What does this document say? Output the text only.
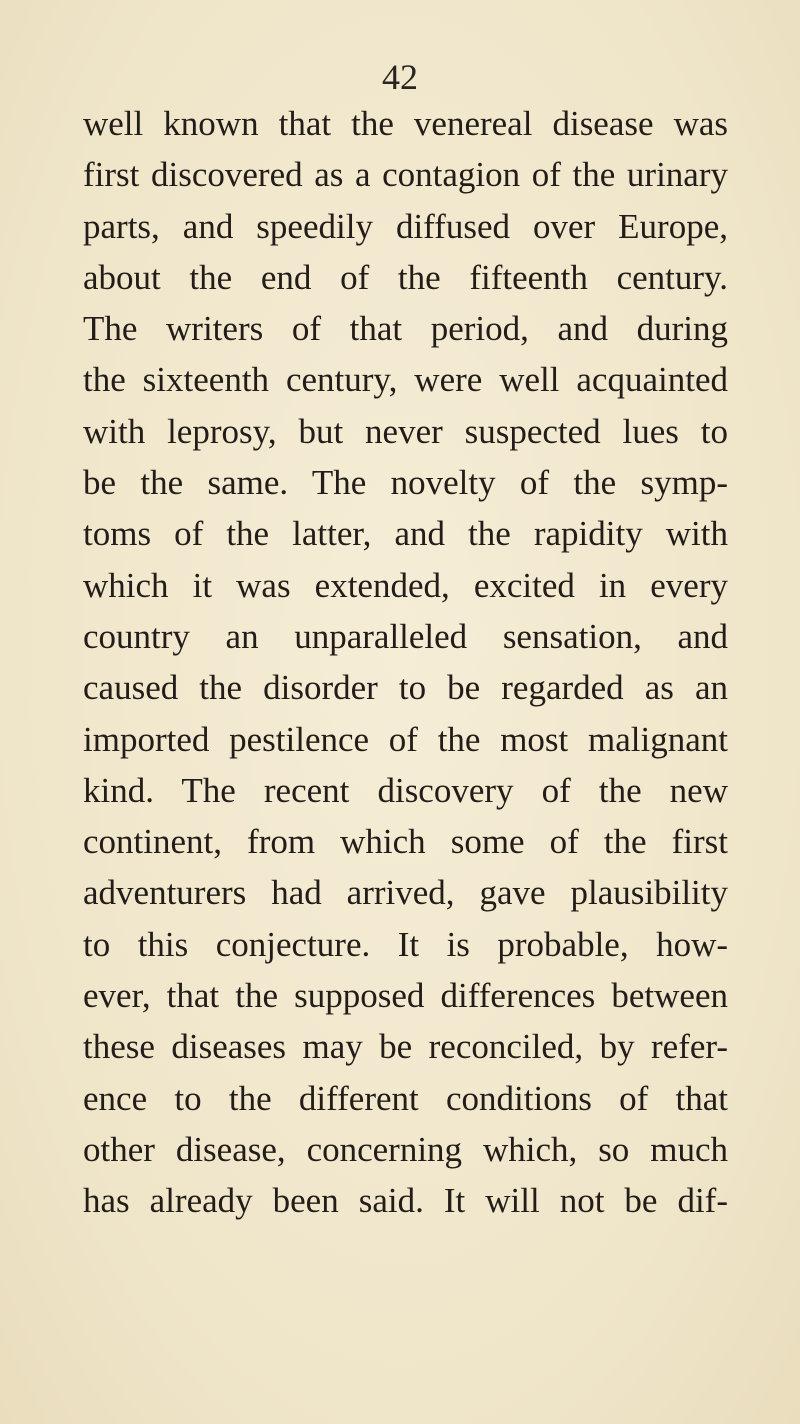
42
well known that the venereal disease was
first discovered as a contagion of the urinary
parts, and speedily diffused over Europe,
about the end of the fifteenth century.
The writers of that period, and during
the sixteenth century, were well acquainted
with leprosy, but never suspected lues to
be the same. The novelty of the symp-
toms of the latter, and the rapidity with
which it was extended, excited in every
country an unparalleled sensation, and
caused the disorder to be regarded as an
imported pestilence of the most malignant
kind. The recent discovery of the new
continent, from which some of the first
adventurers had arrived, gave plausibility
to this conjecture. It is probable, how-
ever, that the supposed differences between
these diseases may be reconciled, by refer-
ence to the different conditions of that
other disease, concerning which, so much
has already been said. It will not be dif-
